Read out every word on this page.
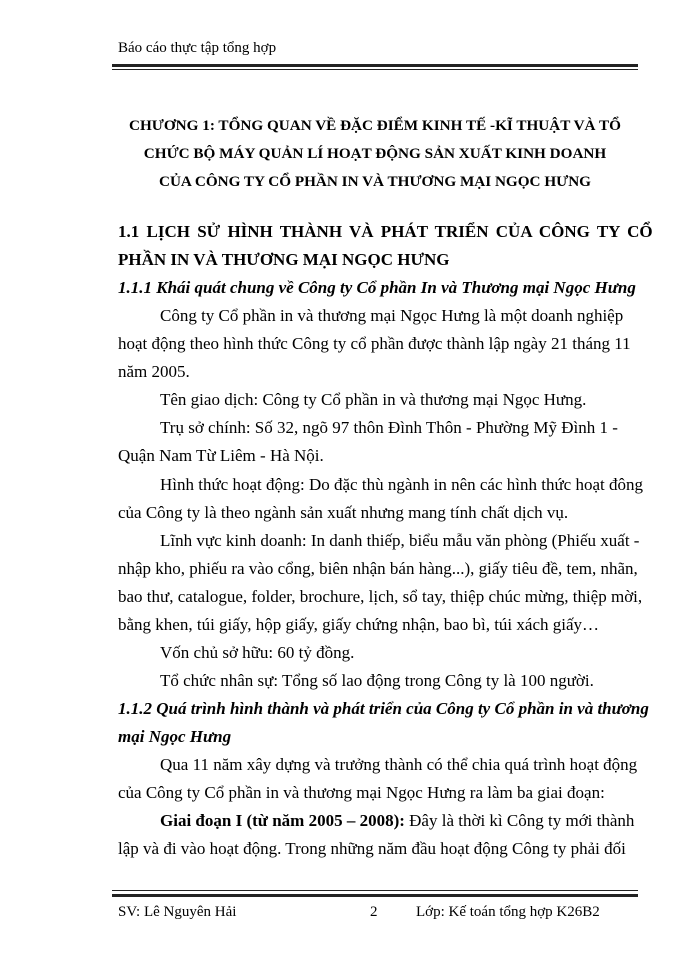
Báo cáo thực tập tổng hợp
CHƯƠNG 1: TỔNG QUAN VỀ ĐẶC ĐIỂM KINH TẾ -KĨ THUẬT VÀ TỔ
CHỨC BỘ MÁY QUẢN LÍ HOẠT ĐỘNG SẢN XUẤT KINH DOANH
CỦA CÔNG TY CỔ PHẦN IN VÀ THƯƠNG MẠI NGỌC HƯNG
1.1 LỊCH SỬ HÌNH THÀNH VÀ PHÁT TRIỂN CỦA CÔNG TY CỔ
PHẦN IN VÀ THƯƠNG MẠI NGỌC HƯNG
1.1.1 Khái quát chung về Công ty Cổ phần In và Thương mại Ngọc Hưng
Công ty Cổ phần in và thương mại Ngọc Hưng là một doanh nghiệp
hoạt động theo hình thức Công ty cổ phần được thành lập ngày 21 tháng 11
năm 2005.
Tên giao dịch: Công ty Cổ phần in và thương mại Ngọc Hưng.
Trụ sở chính: Số 32, ngõ 97 thôn Đình Thôn - Phường Mỹ Đình 1 -
Quận Nam Từ Liêm - Hà Nội.
Hình thức hoạt động: Do đặc thù ngành in nên các hình thức hoạt đông
của Công ty là theo ngành sản xuất nhưng mang tính chất dịch vụ.
Lĩnh vực kinh doanh: In danh thiếp, biểu mẫu văn phòng (Phiếu xuất -
nhập kho, phiếu ra vào cổng, biên nhận bán hàng...), giấy tiêu đề, tem, nhãn,
bao thư, catalogue, folder, brochure, lịch, sổ tay, thiệp chúc mừng, thiệp mời,
bằng khen, túi giấy, hộp giấy, giấy chứng nhận, bao bì, túi xách giấy…
Vốn chủ sở hữu: 60 tỷ đồng.
Tổ chức nhân sự: Tổng số lao động trong Công ty là 100 người.
1.1.2 Quá trình hình thành và phát triển của Công ty Cổ phần in và thương
mại Ngọc Hưng
Qua 11 năm xây dựng và trưởng thành có thể chia quá trình hoạt động
của Công ty Cổ phần in và thương mại Ngọc Hưng ra làm ba giai đoạn:
Giai đoạn I (từ năm 2005 – 2008): Đây là thời kì Công ty mới thành
lập và đi vào hoạt động. Trong những năm đầu hoạt động Công ty phải đối
SV: Lê Nguyên Hải	2	Lớp: Kế toán tổng hợp K26B2
